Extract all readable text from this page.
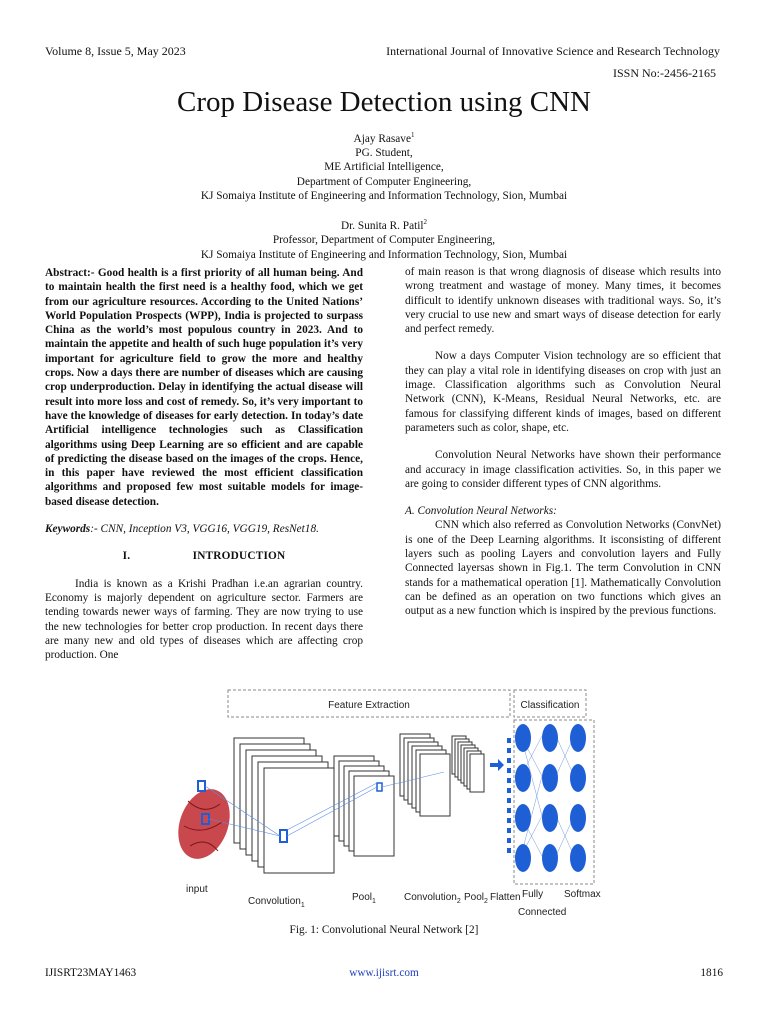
Volume 8, Issue 5, May 2023	International Journal of Innovative Science and Research Technology
ISSN No:-2456-2165
Crop Disease Detection using CNN
Ajay Rasave$^1$
PG. Student,
ME Artificial Intelligence,
Department of Computer Engineering,
KJ Somaiya Institute of Engineering and Information Technology, Sion, Mumbai
Dr. Sunita R. Patil$^2$
Professor, Department of Computer Engineering,
KJ Somaiya Institute of Engineering and Information Technology, Sion, Mumbai

Abstract:- Good health is a first priority of all human being. And to maintain health the first need is a healthy food, which we get from our agriculture resources. According to the United Nations’ World Population Prospects (WPP), India is projected to surpass China as the world’s most populous country in 2023. And to maintain the appetite and health of such huge population it’s very important for agriculture field to grow the more and healthy crops. Now a days there are number of diseases which are causing crop underproduction. Delay in identifying the actual disease will result into more loss and cost of remedy. So, it’s very important to have the knowledge of diseases for early detection. In today’s date Artificial intelligence technologies such as Classification algorithms using Deep Learning are so efficient and are capable of predicting the disease based on the images of the crops. Hence, in this paper have reviewed the most efficient classification algorithms and proposed few most suitable models for image-based disease detection.

Keywords:- CNN, Inception V3, VGG16, VGG19, ResNet18.

I.	INTRODUCTION

India is known as a Krishi Pradhan i.e.an agrarian country. Economy is majorly dependent on agriculture sector. Farmers are tending towards newer ways of farming. They are now trying to use the new technologies for better crop production. In recent days there are many new and old types of diseases which are affecting crop production. One

of main reason is that wrong diagnosis of disease which results into wrong treatment and wastage of money. Many times, it becomes difficult to identify unknown diseases with traditional ways. So, it’s very crucial to use new and smart ways of disease detection for early and perfect remedy.

Now a days Computer Vision technology are so efficient that they can play a vital role in identifying diseases on crop with just an image. Classification algorithms such as Convolution Neural Network (CNN), K-Means, Residual Neural Networks, etc. are famous for classifying different kinds of images, based on different parameters such as color, shape, etc.

Convolution Neural Networks have shown their performance and accuracy in image classification activities. So, in this paper we are going to consider different types of CNN algorithms.

A. Convolution Neural Networks:

CNN which also referred as Convolution Networks (ConvNet) is one of the Deep Learning algorithms. It isconsisting of different layers such as pooling Layers and convolution layers and Fully Connected layersas shown in Fig.1. The term Convolution in CNN stands for a mathematical operation [1]. Mathematically Convolution can be defined as an operation on two functions which gives an output as a new function which is inspired by the previous functions.

Feature Extraction	Classification
input
Convolution$_1$
Pool$_1$	Convolution$_2$ Pool$_2$ Flatten Fully
Connected
Softmax
Fig. 1: Convolutional Neural Network [2]
IJISRT23MAY1463	www.ijisrt.com	1816
